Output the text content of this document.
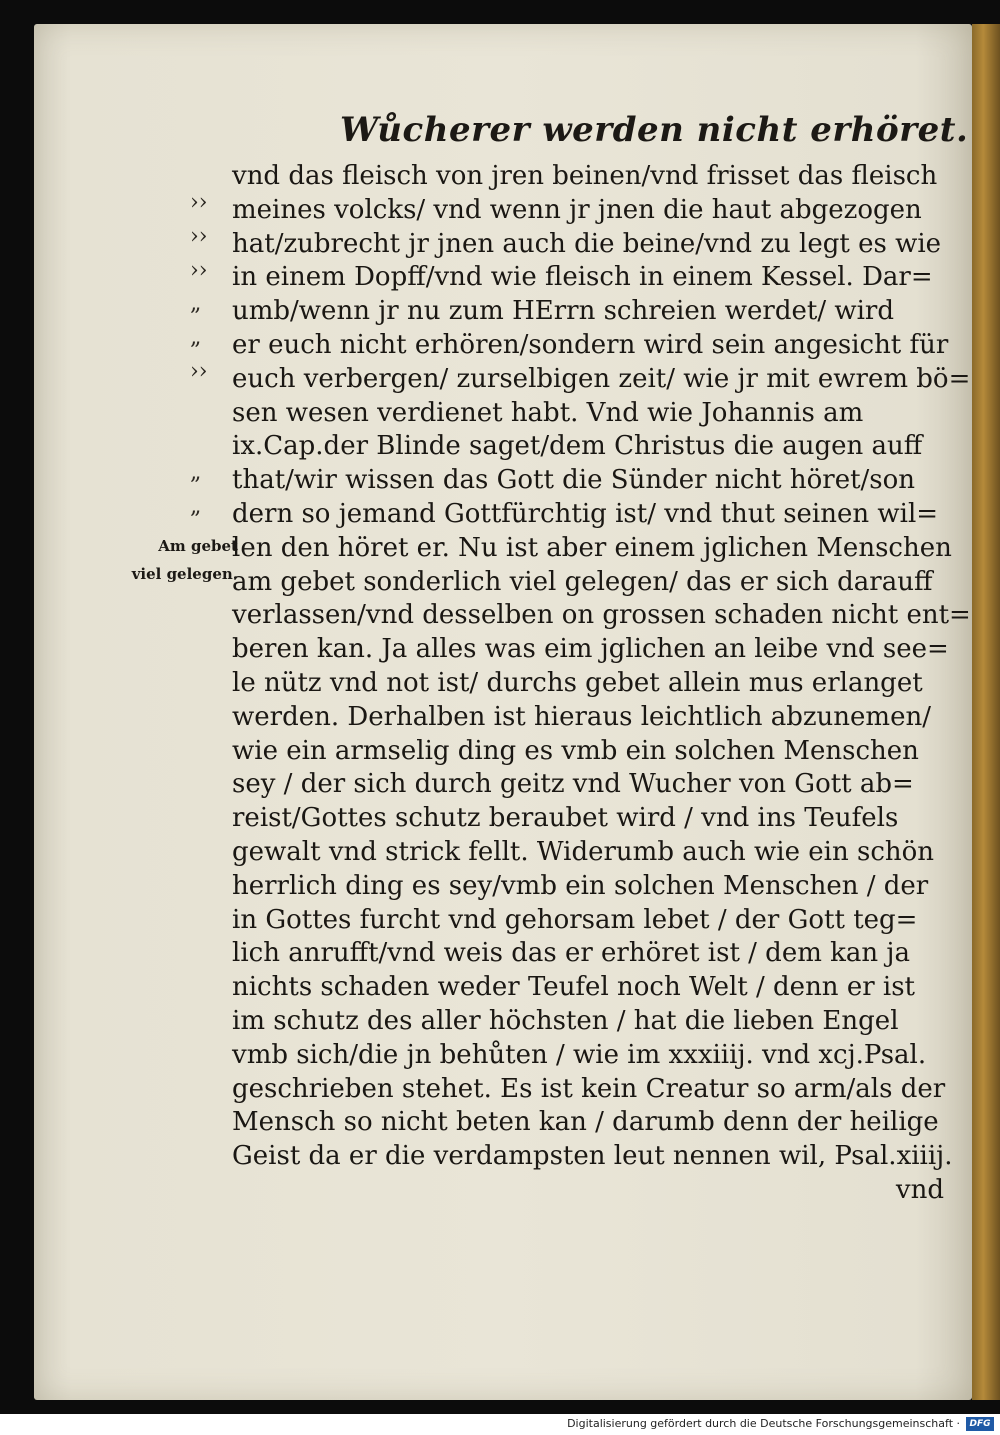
Wůcherer werden nicht erhöret.
››
››
››
„
„
››
„
„
vnd das fleisch von jren beinen/vnd frisset das fleisch
meines volcks/ vnd wenn jr jnen die haut abgezogen
hat/zubrecht jr jnen auch die beine/vnd zu legt es wie
in einem Dopff/vnd wie fleisch in einem Kessel. Dar=
umb/wenn jr nu zum HErrn schreien werdet/ wird
er euch nicht erhören/sondern wird sein angesicht für
euch verbergen/ zurselbigen zeit/ wie jr mit ewrem bö=
sen wesen verdienet habt. Vnd wie Johannis am
ix.Cap.der Blinde saget/dem Christus die augen auff
that/wir wissen das Gott die Sünder nicht höret/son
dern so jemand Gottfürchtig ist/ vnd thut seinen wil=
len den höret er. Nu ist aber einem jglichen Menschen
am gebet sonderlich viel gelegen/ das er sich darauff
verlassen/vnd desselben on grossen schaden nicht ent=
beren kan. Ja alles was eim jglichen an leibe vnd see=
le nütz vnd not ist/ durchs gebet allein mus erlanget
werden. Derhalben ist hieraus leichtlich abzunemen/
wie ein armselig ding es vmb ein solchen Menschen
sey / der sich durch geitz vnd Wucher von Gott ab=
reist/Gottes schutz beraubet wird / vnd ins Teufels
gewalt vnd strick fellt. Widerumb auch wie ein schön
herrlich ding es sey/vmb ein solchen Menschen / der
in Gottes furcht vnd gehorsam lebet / der Gott teg=
lich anrufft/vnd weis das er erhöret ist / dem kan ja
nichts schaden weder Teufel noch Welt / denn er ist
im schutz des aller höchsten / hat die lieben Engel
vmb sich/die jn behůten / wie im xxxiiij. vnd xcj.Psal.
geschrieben stehet. Es ist kein Creatur so arm/als der
Mensch so nicht beten kan / darumb denn der heilige
Geist da er die verdampsten leut nennen wil, Psal.xiiij.
vnd
Am gebet
viel gelegen.
Digitalisierung gefördert durch die Deutsche Forschungsgemeinschaft ·	DFG
